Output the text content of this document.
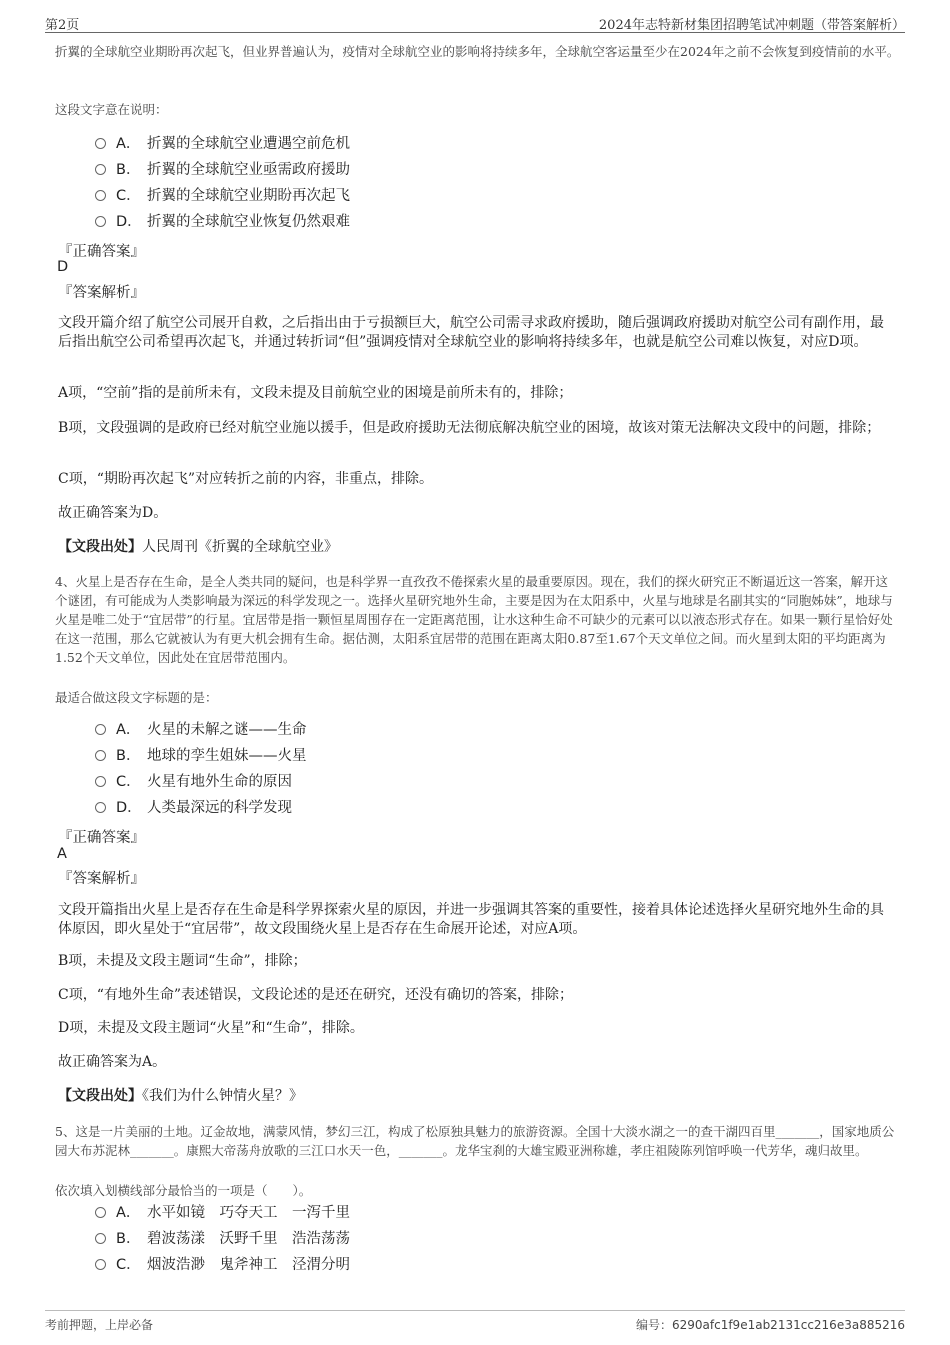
第2页	2024年志特新材集团招聘笔试冲刺题（带答案解析）
折翼的全球航空业期盼再次起飞，但业界普遍认为，疫情对全球航空业的影响将持续多年，全球航空客运量至少在2024年之前不会恢复到疫情前的水平。
这段文字意在说明：
A． 折翼的全球航空业遭遇空前危机
B． 折翼的全球航空业亟需政府援助
C． 折翼的全球航空业期盼再次起飞
D． 折翼的全球航空业恢复仍然艰难
『正确答案』
D
『答案解析』
文段开篇介绍了航空公司展开自救，之后指出由于亏损额巨大，航空公司需寻求政府援助，随后强调政府援助对航空公司有副作用，最后指出航空公司希望再次起飞，并通过转折词“但”强调疫情对全球航空业的影响将持续多年，也就是航空公司难以恢复，对应D项。
A项，“空前”指的是前所未有，文段未提及目前航空业的困境是前所未有的，排除；
B项，文段强调的是政府已经对航空业施以援手，但是政府援助无法彻底解决航空业的困境，故该对策无法解决文段中的问题，排除；
C项，“期盼再次起飞”对应转折之前的内容，非重点，排除。
故正确答案为D。
【文段出处】人民周刊《折翼的全球航空业》
4、火星上是否存在生命，是全人类共同的疑问，也是科学界一直孜孜不倦探索火星的最重要原因。现在，我们的探火研究正不断逼近这一答案，解开这个谜团，有可能成为人类影响最为深远的科学发现之一。选择火星研究地外生命，主要是因为在太阳系中，火星与地球是名副其实的“同胞姊妹”，地球与火星是唯二处于“宜居带”的行星。宜居带是指一颗恒星周围存在一定距离范围，让水这种生命不可缺少的元素可以以液态形式存在。如果一颗行星恰好处在这一范围，那么它就被认为有更大机会拥有生命。据估测，太阳系宜居带的范围在距离太阳0.87至1.67个天文单位之间。而火星到太阳的平均距离为1.52个天文单位，因此处在宜居带范围内。
最适合做这段文字标题的是：
A． 火星的未解之谜——生命
B． 地球的孪生姐妹——火星
C． 火星有地外生命的原因
D． 人类最深远的科学发现
『正确答案』
A
『答案解析』
文段开篇指出火星上是否存在生命是科学界探索火星的原因，并进一步强调其答案的重要性，接着具体论述选择火星研究地外生命的具体原因，即火星处于“宜居带”，故文段围绕火星上是否存在生命展开论述，对应A项。
B项，未提及文段主题词“生命”，排除；
C项，“有地外生命”表述错误，文段论述的是还在研究，还没有确切的答案，排除；
D项，未提及文段主题词“火星”和“生命”，排除。
故正确答案为A。
【文段出处】《我们为什么钟情火星？》
5、这是一片美丽的土地。辽金故地，满蒙风情，梦幻三江，构成了松原独具魅力的旅游资源。全国十大淡水湖之一的查干湖四百里_______，国家地质公园大布苏泥林_______。康熙大帝荡舟放歌的三江口水天一色，_______。龙华宝刹的大雄宝殿亚洲称雄，孝庄祖陵陈列馆呼唤一代芳华，魂归故里。
依次填入划横线部分最恰当的一项是（　　）。
A． 水平如镜　巧夺天工　一泻千里
B． 碧波荡漾　沃野千里　浩浩荡荡
C． 烟波浩渺　鬼斧神工　泾渭分明
考前押题，上岸必备	编号：6290afc1f9e1ab2131cc216e3a885216
